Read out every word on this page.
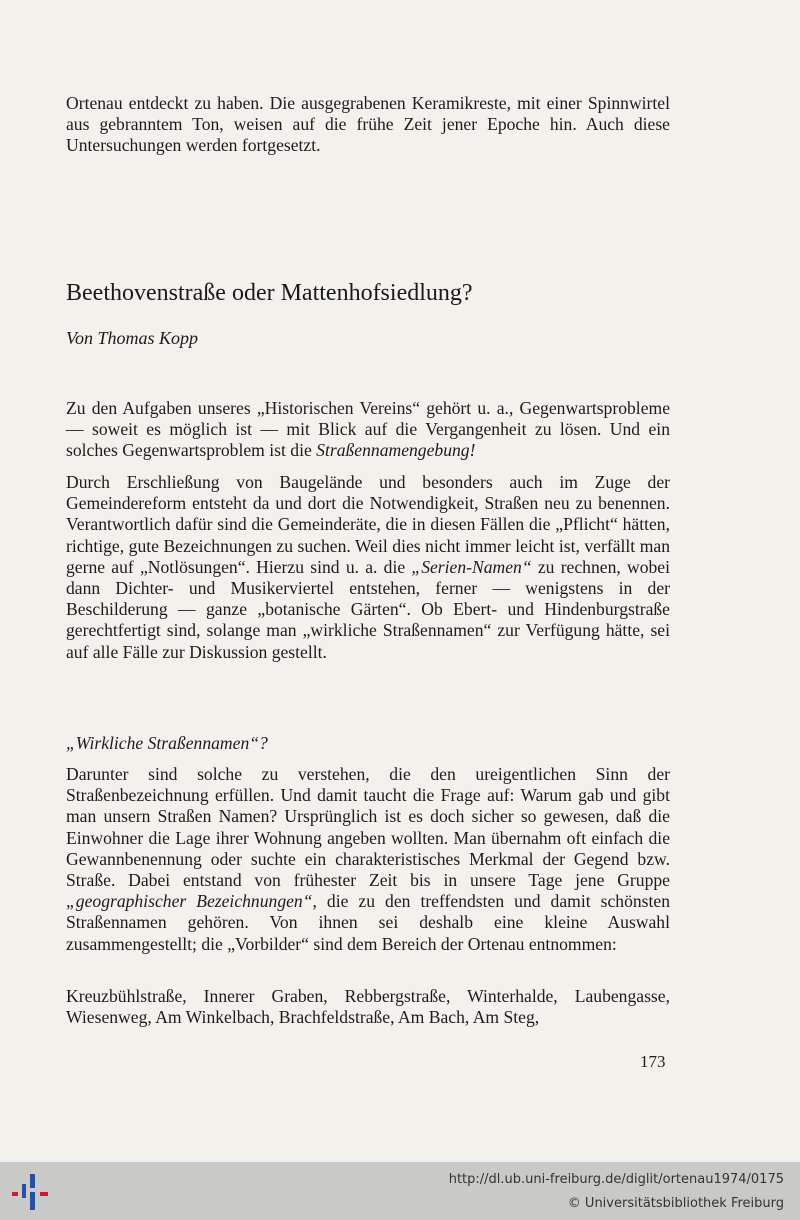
Ortenau entdeckt zu haben. Die ausgegrabenen Keramikreste, mit einer Spinnwirtel aus gebranntem Ton, weisen auf die frühe Zeit jener Epoche hin. Auch diese Untersuchungen werden fortgesetzt.

Beethovenstraße oder Mattenhofsiedlung?
Von Thomas Kopp

Zu den Aufgaben unseres „Historischen Vereins“ gehört u. a., Gegenwartsprobleme — soweit es möglich ist — mit Blick auf die Vergangenheit zu lösen. Und ein solches Gegenwartsproblem ist die Straßennamengebung!

Durch Erschließung von Baugelände und besonders auch im Zuge der Gemeindereform entsteht da und dort die Notwendigkeit, Straßen neu zu benennen. Verantwortlich dafür sind die Gemeinderäte, die in diesen Fällen die „Pflicht“ hätten, richtige, gute Bezeichnungen zu suchen. Weil dies nicht immer leicht ist, verfällt man gerne auf „Notlösungen“. Hierzu sind u. a. die „Serien-Namen“ zu rechnen, wobei dann Dichter- und Musikerviertel entstehen, ferner — wenigstens in der Beschilderung — ganze „botanische Gärten“. Ob Ebert- und Hindenburgstraße gerechtfertigt sind, solange man „wirkliche Straßennamen“ zur Verfügung hätte, sei auf alle Fälle zur Diskussion gestellt.

„Wirkliche Straßennamen“?

Darunter sind solche zu verstehen, die den ureigentlichen Sinn der Straßenbezeichnung erfüllen. Und damit taucht die Frage auf: Warum gab und gibt man unsern Straßen Namen? Ursprünglich ist es doch sicher so gewesen, daß die Einwohner die Lage ihrer Wohnung angeben wollten. Man übernahm oft einfach die Gewannbenennung oder suchte ein charakteristisches Merkmal der Gegend bzw. Straße. Dabei entstand von frühester Zeit bis in unsere Tage jene Gruppe „geographischer Bezeichnungen“, die zu den treffendsten und damit schönsten Straßennamen gehören. Von ihnen sei deshalb eine kleine Auswahl zusammengestellt; die „Vorbilder“ sind dem Bereich der Ortenau entnommen:

Kreuzbühlstraße, Innerer Graben, Rebbergstraße, Winterhalde, Laubengasse, Wiesenweg, Am Winkelbach, Brachfeldstraße, Am Bach, Am Steg,

173
http://dl.ub.uni-freiburg.de/diglit/ortenau1974/0175
© Universitätsbibliothek Freiburg
